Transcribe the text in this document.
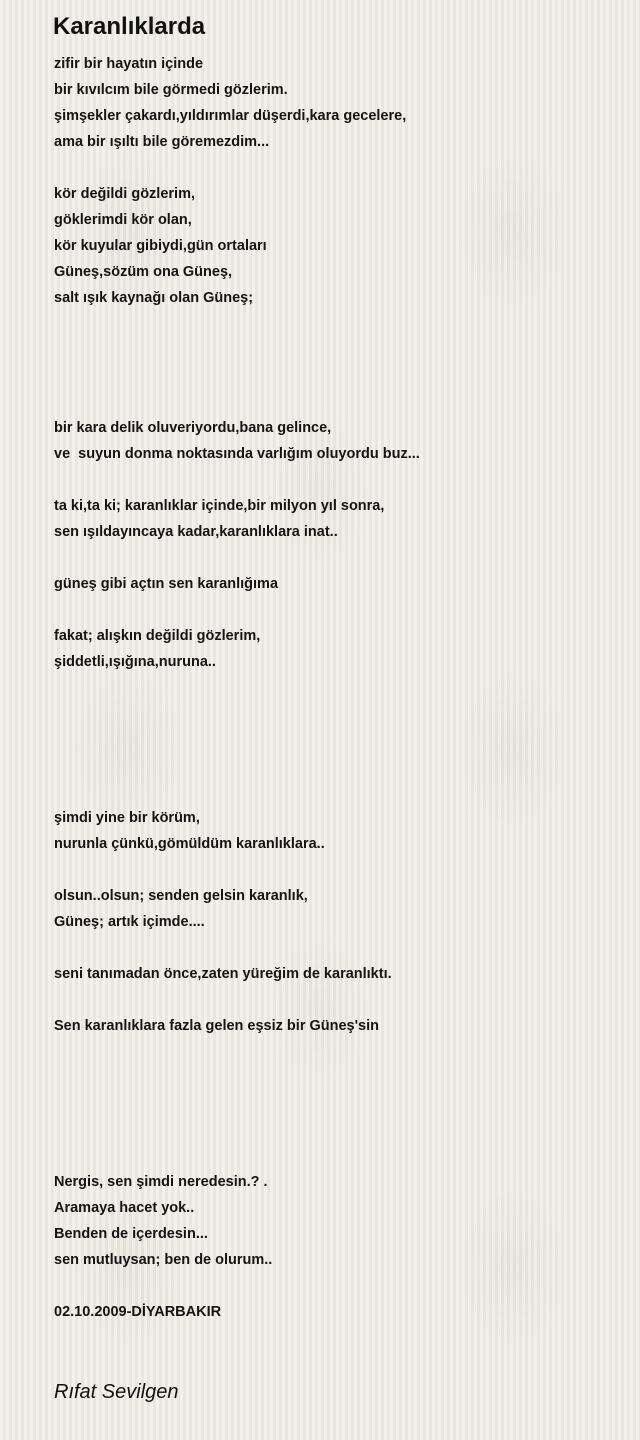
Karanlıklarda
zifir bir hayatın içinde
bir kıvılcım bile görmedi gözlerim.
şimşekler çakardı,yıldırımlar düşerdi,kara gecelere,
ama bir ışıltı bile göremezdim...
kör değildi gözlerim,
göklerimdi kör olan,
kör kuyular gibiydi,gün ortaları
Güneş,sözüm ona Güneş,
salt ışık kaynağı olan Güneş;
bir kara delik oluveriyordu,bana gelince,
ve  suyun donma noktasında varlığım oluyordu buz...
ta ki,ta ki; karanlıklar içinde,bir milyon yıl sonra,
sen ışıldayıncaya kadar,karanlıklara inat..
güneş gibi açtın sen karanlığıma
fakat; alışkın değildi gözlerim,
şiddetli,ışığına,nuruna..
şimdi yine bir körüm,
nurunla çünkü,gömüldüm karanlıklara..
olsun..olsun; senden gelsin karanlık,
Güneş; artık içimde....
seni tanımadan önce,zaten yüreğim de karanlıktı.
Sen karanlıklara fazla gelen eşsiz bir Güneş'sin
Nergis, sen şimdi neredesin.? .
Aramaya hacet yok..
Benden de içerdesin...
sen mutluysan; ben de olurum..
02.10.2009-DİYARBAKIR
Rıfat Sevilgen
